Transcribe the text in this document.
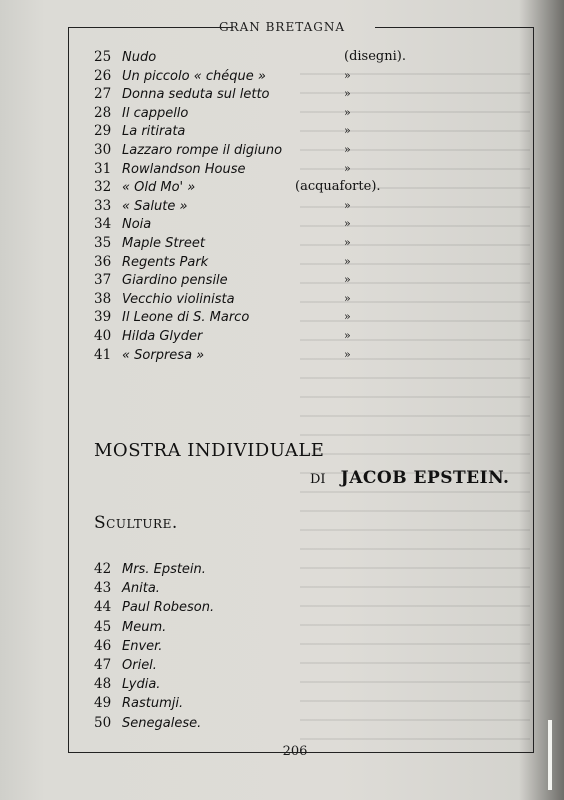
GRAN BRETAGNA
25 Nudo	(disegni).
26 Un piccolo « chéque »	»
27 Donna seduta sul letto	»
28 Il cappello	»
29 La ritirata	»
30 Lazzaro rompe il digiuno	»
31 Rowlandson House	»
32 « Old Mo' »	(acquaforte).
33 « Salute »	»
34 Noia	»
35 Maple Street	»
36 Regents Park	»
37 Giardino pensile	»
38 Vecchio violinista	»
39 Il Leone di S. Marco	»
40 Hilda Glyder	»
41 « Sorpresa »	»
MOSTRA INDIVIDUALE
DI JACOB EPSTEIN.
Sculture.
42 Mrs. Epstein.
43 Anita.
44 Paul Robeson.
45 Meum.
46 Enver.
47 Oriel.
48 Lydia.
49 Rastumji.
50 Senegalese.
206
